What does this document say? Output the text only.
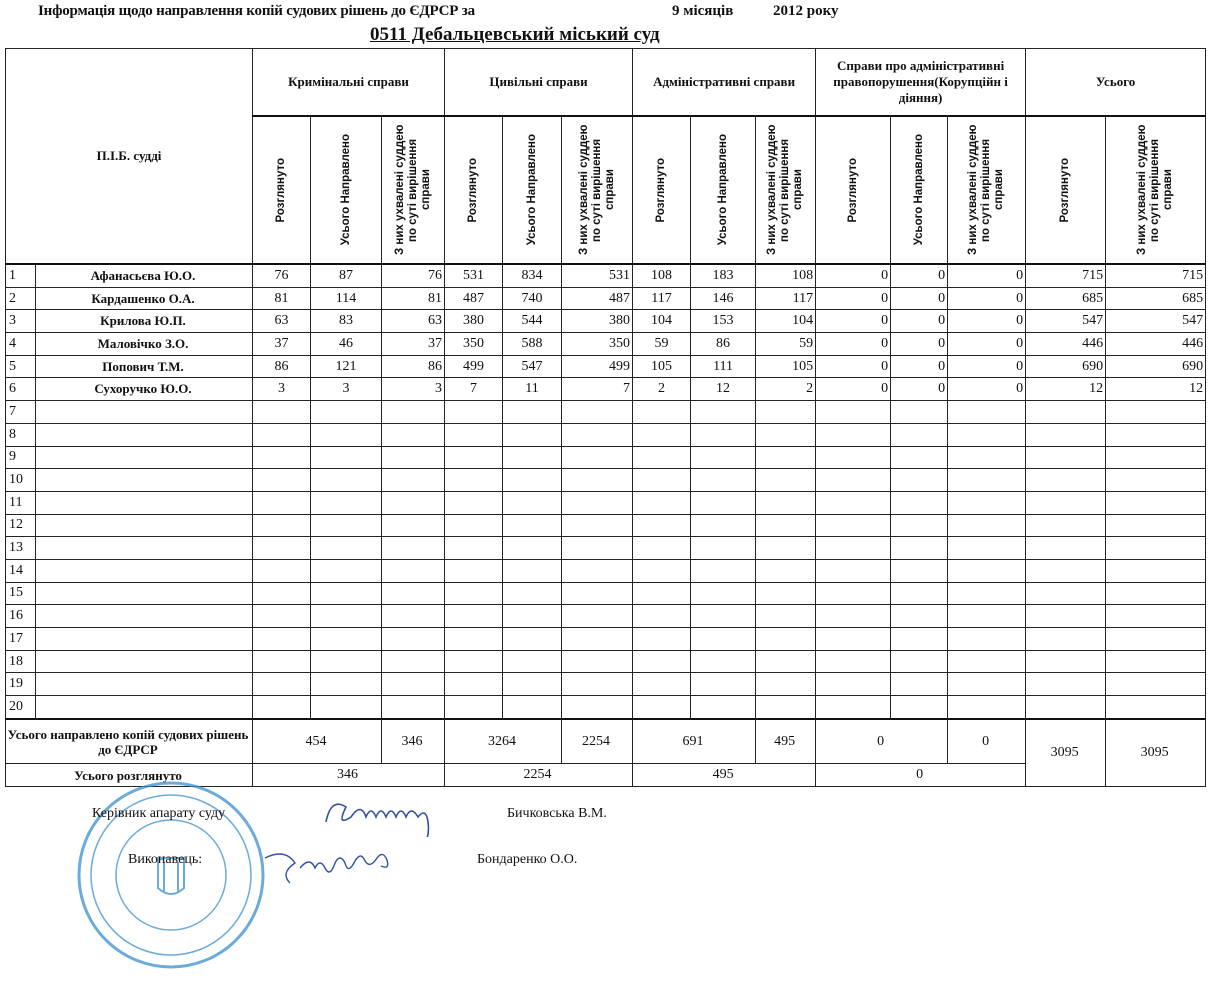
Інформація щодо направлення копій судових рішень до ЄДРСР за	9 місяців	2012 року
0511 Дебальцевський міський суд
П.І.Б. судді		Кримінальні справи			Цивільні справи			Адміністративні справи			Справи про адміністративні правопорушення(Корупційн і діяння)			Усього	

		Розглянуто	Усього Направлено	З них ухвалені суддею по суті вирішення справи	Розглянуто	Усього Направлено	З них ухвалені суддею по суті вирішення справи	Розглянуто	Усього Направлено	З них ухвалені суддею по суті вирішення справи	Розглянуто	Усього Направлено	З них ухвалені суддею по суті вирішення справи	Розглянуто	З них ухвалені суддею по суті вирішення справи

1	Афанасьєва Ю.О.	76	87	76	531	834	531	108	183	108	0	0	0	715	715
2	Кардашенко О.А.	81	114	81	487	740	487	117	146	117	0	0	0	685	685
3	Крилова Ю.П.	63	83	63	380	544	380	104	153	104	0	0	0	547	547
4	Маловічко З.О.	37	46	37	350	588	350	59	86	59	0	0	0	446	446
5	Попович Т.М.	86	121	86	499	547	499	105	111	105	0	0	0	690	690
6	Сухоручко Ю.О.	3	3	3	7	11	7	2	12	2	0	0	0	12	12
7															
8															
9															
10															
11															
12															
13															
14															
15															
16															
17															
18															
19															
20															
Усього направлено копій судових рішень до ЄДРСР		454		346	3264		2254	691		495	0		0	3095	3095
Усього розглянуто		346			2254			495			0				
Керівник апарату суду	Бичковська В.М.
Виконавець:	Бондаренко О.О.
